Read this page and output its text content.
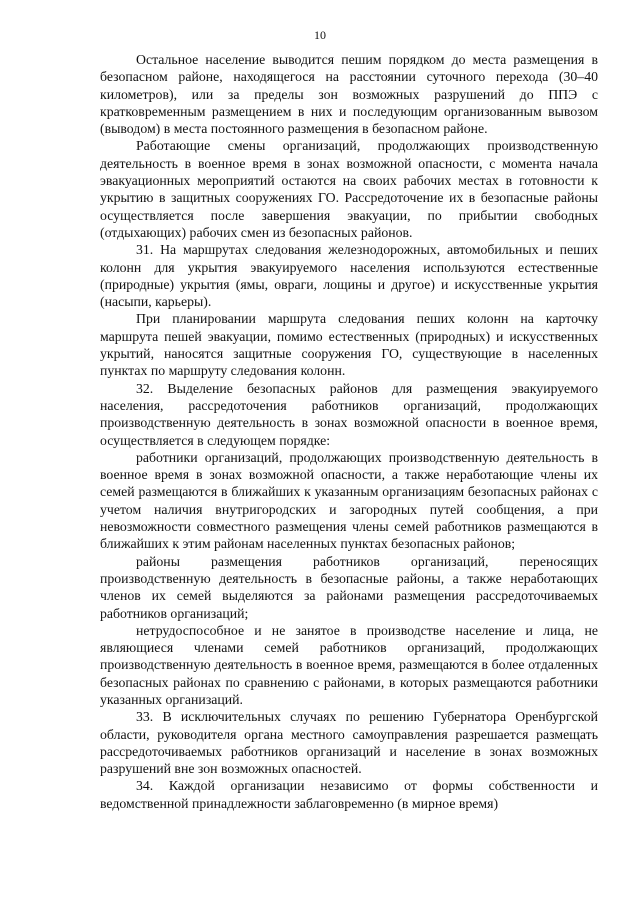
10

Остальное население выводится пешим порядком до места размещения в безопасном районе, находящегося на расстоянии суточного перехода (30–40 километров), или за пределы зон возможных разрушений до ППЭ с кратковременным размещением в них и последующим организованным вывозом (выводом) в места постоянного размещения в безопасном районе.

Работающие смены организаций, продолжающих производственную деятельность в военное время в зонах возможной опасности, с момента начала эвакуационных мероприятий остаются на своих рабочих местах в готовности к укрытию в защитных сооружениях ГО. Рассредоточение их в безопасные районы осуществляется после завершения эвакуации, по прибытии свободных (отдыхающих) рабочих смен из безопасных районов.

31. На маршрутах следования железнодорожных, автомобильных и пеших колонн для укрытия эвакуируемого населения используются естественные (природные) укрытия (ямы, овраги, лощины и другое) и искусственные укрытия (насыпи, карьеры).

При планировании маршрута следования пеших колонн на карточку маршрута пешей эвакуации, помимо естественных (природных) и искусственных укрытий, наносятся защитные сооружения ГО, существующие в населенных пунктах по маршруту следования колонн.

32. Выделение безопасных районов для размещения эвакуируемого населения, рассредоточения работников организаций, продолжающих производственную деятельность в зонах возможной опасности в военное время, осуществляется в следующем порядке:

работники организаций, продолжающих производственную деятельность в военное время в зонах возможной опасности, а также неработающие члены их семей размещаются в ближайших к указанным организациям безопасных районах с учетом наличия внутригородских и загородных путей сообщения, а при невозможности совместного размещения члены семей работников размещаются в ближайших к этим районам населенных пунктах безопасных районов;

районы размещения работников организаций, переносящих производственную деятельность в безопасные районы, а также неработающих членов их семей выделяются за районами размещения рассредоточиваемых работников организаций;

нетрудоспособное и не занятое в производстве население и лица, не являющиеся членами семей работников организаций, продолжающих производственную деятельность в военное время, размещаются в более отдаленных безопасных районах по сравнению с районами, в которых размещаются работники указанных организаций.

33. В исключительных случаях по решению Губернатора Оренбургской области, руководителя органа местного самоуправления разрешается размещать рассредоточиваемых работников организаций и население в зонах возможных разрушений вне зон возможных опасностей.

34. Каждой организации независимо от формы собственности и ведомственной принадлежности заблаговременно (в мирное время)
